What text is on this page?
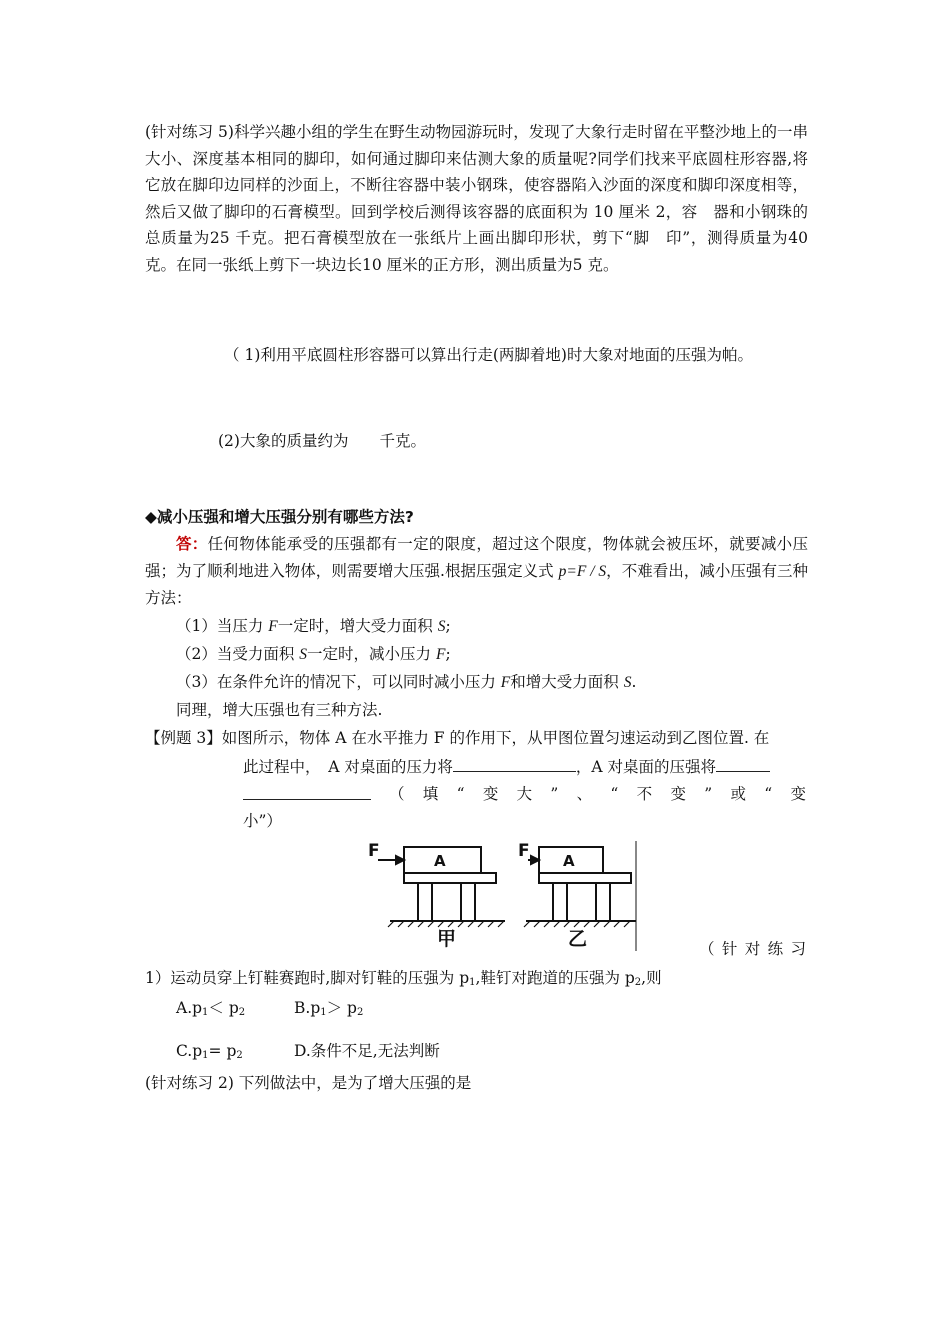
(针对练习 5)科学兴趣小组的学生在野生动物园游玩时，发现了大象行走时留在平整沙地上的一串大小、深度基本相同的脚印，如何通过脚印来估测大象的质量呢?同学们找来平底圆柱形容器,将它放在脚印边同样的沙面上，不断往容器中装小钢珠，使容器陷入沙面的深度和脚印深度相等，然后又做了脚印的石膏模型。回到学校后测得该容器的底面积为 10 厘米 2，容　器和小钢珠的总质量为25 千克。把石膏模型放在一张纸片上画出脚印形状，剪下“脚　印”，测得质量为40 克。在同一张纸上剪下一块边长10 厘米的正方形，测出质量为5 克。

（ 1)利用平底圆柱形容器可以算出行走(两脚着地)时大象对地面的压强为帕。

(2)大象的质量约为　　千克。
◆减小压强和增大压强分别有哪些方法?

答：任何物体能承受的压强都有一定的限度，超过这个限度，物体就会被压坏，就要减小压强；为了顺利地进入物体，则需要增大压强.根据压强定义式 p=F / S，不难看出，减小压强有三种方法：

（1）当压力 F一定时，增大受力面积 S;
（2）当受力面积 S一定时，减小压力 F;
（3）在条件允许的情况下，可以同时减小压力 F和增大受力面积 S.
同理，增大压强也有三种方法.
【例题 3】如图所示，物体 A 在水平推力 F 的作用下，从甲图位置匀速运动到乙图位置. 在
此过程中，　A 对桌面的压力将	，A 对桌面的压强将
（ 填 “ 变 大 ” 、 “ 不 变 ” 或 “ 变
小”）
F	A
甲
F A
乙	（ 针 对 练 习
1）运动员穿上钉鞋赛跑时,脚对钉鞋的压强为 $p_1$,鞋钉对跑道的压强为 $p_2$,则
$A.p_1< p_2$	$B.p_1> p_2$
$C.p_1= p_2$	D.条件不足,无法判断
(针对练习 2) 下列做法中，是为了增大压强的是
